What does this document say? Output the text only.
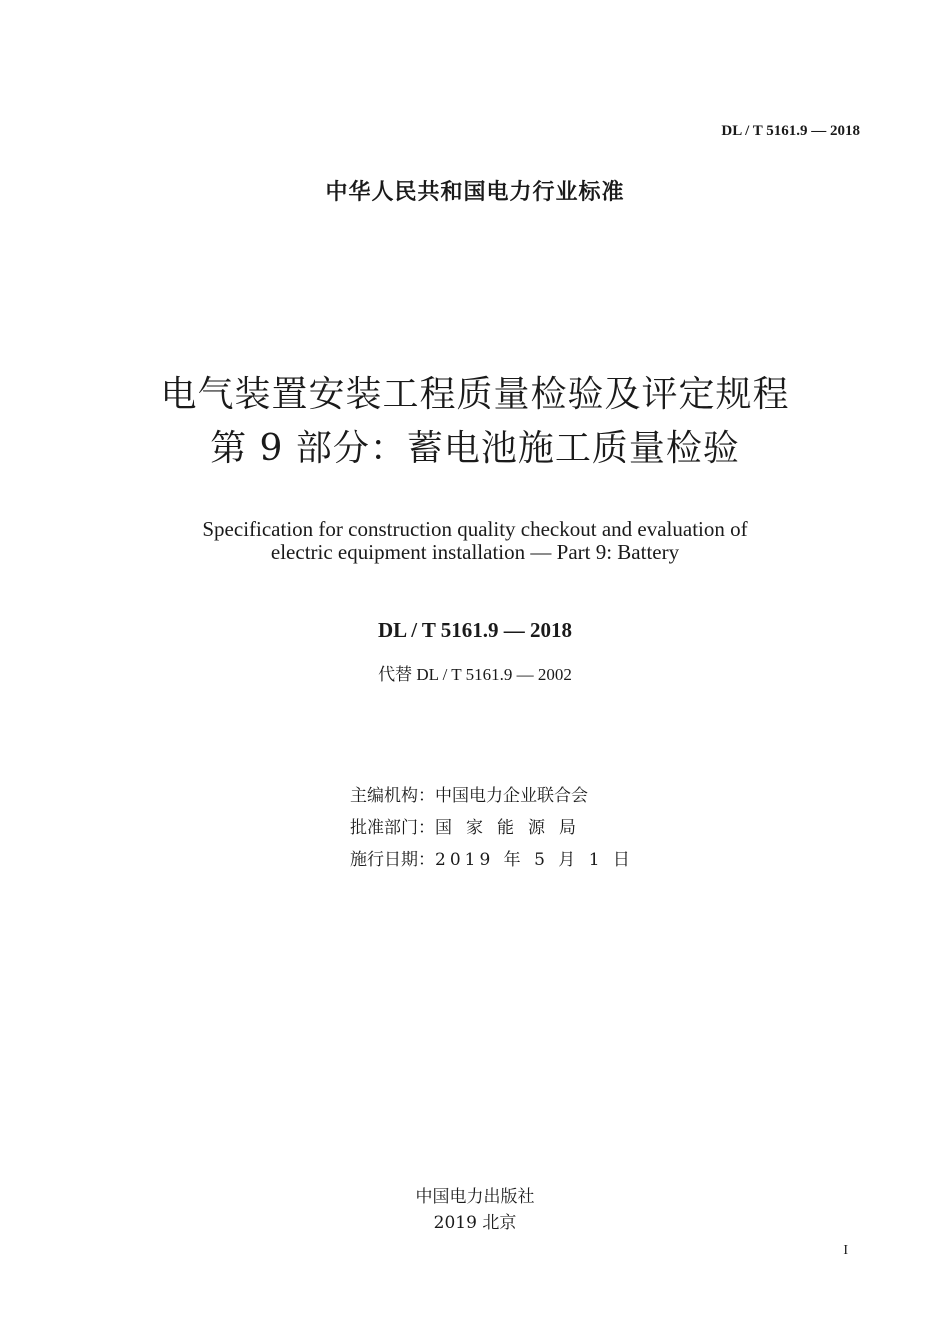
DL / T 5161.9 — 2018
中华人民共和国电力行业标准
电气装置安装工程质量检验及评定规程
第 9 部分：蓄电池施工质量检验
Specification for construction quality checkout and evaluation of
electric equipment installation — Part 9: Battery
DL / T 5161.9 — 2018
代替 DL / T 5161.9 — 2002
主编机构：中国电力企业联合会
批准部门：国家能源局
施行日期：2019 年 5 月 1 日
中国电力出版社
2019 北京
I
